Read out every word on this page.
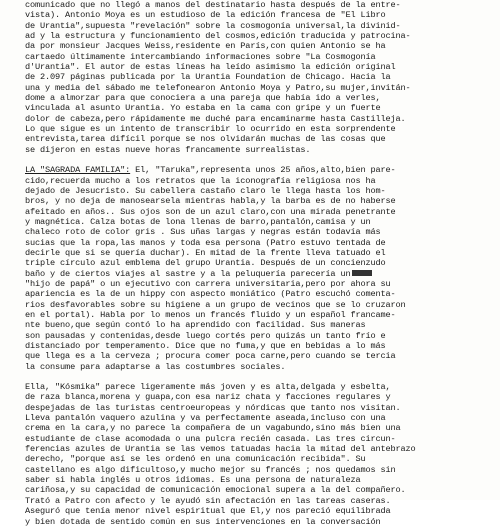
comunicado que no llegó a manos del destinatario hasta después de la entre-
vista). Antonio Moya es un estudioso de la edición francesa de "El Libro
de Urantia",supuesta "revelación" sobre la cosmogonía universal,la divinid-
ad y la estructura y funcionamiento del cosmos,edición traducida y patrocina-
da por monsieur Jacques Weiss,residente en París,con quien Antonio se ha
cartaedo últimamente intercambiando informaciones sobre "La Cosmogonía
d'Urantia". El autor de estas líneas ha leído asimismo la edición original
de 2.097 páginas publicada por la Urantia Foundation de Chicago. Hacia la
una y media del sábado me telefonearon Antonio Moya y Patro,su mujer,invitán-
dome a almorzar para que conociera a una pareja que había ido a verles,
vinculada al asunto Urantia. Yo estaba en la cama con gripe y un fuerte
dolor de cabeza,pero rápidamente me duché para encaminarme hasta Castilleja.
Lo que sigue es un intento de transcribir lo ocurrido en esta sorprendente
entrevista,tarea difícil porque se nos olvidarán muchas de las cosas que
se dijeron en estas nueve horas francamente surrealistas.
LA "SAGRADA FAMILIA": El, "Taruka",representa unos 25 años,alto,bien pare-
cido,recuerda mucho a los retratos que la iconografía religiosa nos ha
dejado de Jesucristo. Su cabellera castaño claro le llega hasta los hom-
bros, y no deja de manosearsela mientras habla,y la barba es de no haberse
afeitado en años.. Sus ojos son de un azul claro,con una mirada penetrante
y magnética. Calza botas de lona llenas de barro,pantalón,camisa y un
chaleco roto de color gris . Sus uñas largas y negras están todavía más
sucias que la ropa,las manos y toda esa persona (Patro estuvo tentada de
decirle que si se quería duchar). En mitad de la frente lleva tatuado el
triple círculo azul emblema del grupo Urantia. Después de un concienzudo
baño y de ciertos viajes al sastre y a la peluquería parecería un
"hijo de papá" o un ejecutivo con carrera universitaria,pero por ahora su
apariencia es la de un hippy con aspecto moniático (Patro escuchó comenta-
rios desfavorables sobre su higiene a un grupo de vecinos que se lo cruzaron
en el portal). Habla por lo menos un francés fluido y un español francame-
nte bueno,que según contó lo ha aprendido con facilidad. Sus maneras
son pausadas y contenidas,desde luego cortés pero quizás un tanto frío e
distanciado por temperamento. Dice que no fuma,y que en bebidas a lo más
que llega es a la cerveza ; procura comer poca carne,pero cuando se tercia
la consume para adaptarse a las costumbres sociales.
Ella, "Kósmika" parece ligeramente más joven y es alta,delgada y esbelta,
de raza blanca,morena y guapa,con esa nariz chata y facciones regulares y
despejadas de las turistas centroeuropeas y nórdicas que tanto nos visitan.
Lleva pantalón vaquero azulina y va perfectamente aseada,incluso con una
crema en la cara,y no parece la compañera de un vagabundo,sino más bien una
estudiante de clase acomodada o una pulcra recién casada. Las tres circun-
ferencias azules de Urantia se las vemos tatuadas hacia la mitad del antebrazo
derecho, "porque así se les ordenó en una comunicación recibida". Su
castellano es algo dificultoso,y mucho mejor su francés ; nos quedamos sin
saber si habla inglés u otros idiomas. Es una persona de naturaleza
cariñosa,y su capacidad de comunicación emocional supera a la del compañero.
Trató a Patro con afecto y le ayudó sin afectación en las tareas caseras.
Aseguró que tenía menor nivel espiritual que El,y nos pareció equilibrada
y bien dotada de sentido común en sus intervenciones en la conversación
